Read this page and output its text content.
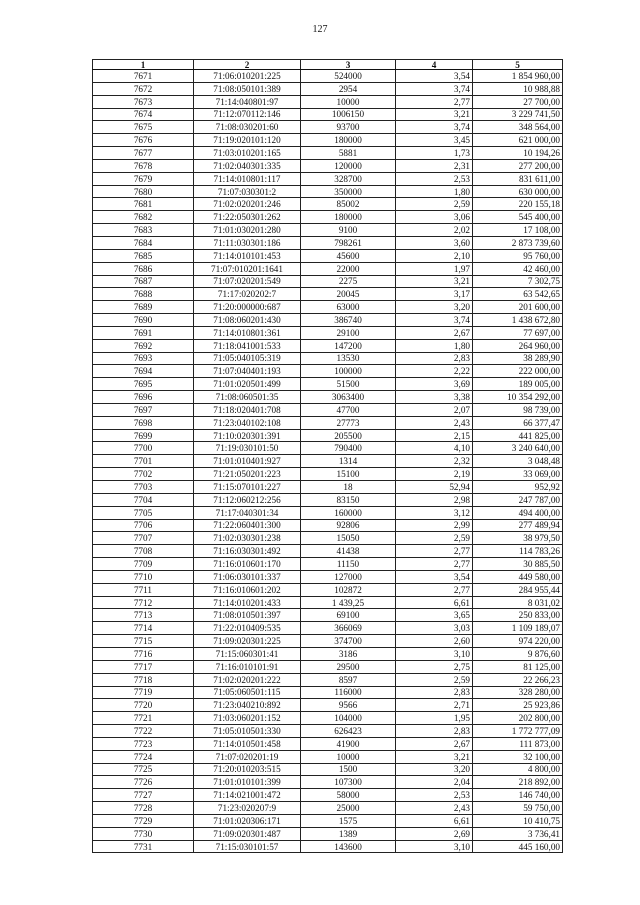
127
1	2	3	4	5
7671	71:06:010201:225	524000	3,54	1 854 960,00
7672	71:08:050101:389	2954	3,74	10 988,88
7673	71:14:040801:97	10000	2,77	27 700,00
7674	71:12:070112:146	1006150	3,21	3 229 741,50
7675	71:08:030201:60	93700	3,74	348 564,00
7676	71:19:020101:120	180000	3,45	621 000,00
7677	71:03:010201:165	5881	1,73	10 194,26
7678	71:02:040301:335	120000	2,31	277 200,00
7679	71:14:010801:117	328700	2,53	831 611,00
7680	71:07:030301:2	350000	1,80	630 000,00
7681	71:02:020201:246	85002	2,59	220 155,18
7682	71:22:050301:262	180000	3,06	545 400,00
7683	71:01:030201:280	9100	2,02	17 108,00
7684	71:11:030301:186	798261	3,60	2 873 739,60
7685	71:14:010101:453	45600	2,10	95 760,00
7686	71:07:010201:1641	22000	1,97	42 460,00
7687	71:07:020201:549	2275	3,21	7 302,75
7688	71:17:020202:7	20045	3,17	63 542,65
7689	71:20:000000:687	63000	3,20	201 600,00
7690	71:08:060201:430	386740	3,74	1 438 672,80
7691	71:14:010801:361	29100	2,67	77 697,00
7692	71:18:041001:533	147200	1,80	264 960,00
7693	71:05:040105:319	13530	2,83	38 289,90
7694	71:07:040401:193	100000	2,22	222 000,00
7695	71:01:020501:499	51500	3,69	189 005,00
7696	71:08:060501:35	3063400	3,38	10 354 292,00
7697	71:18:020401:708	47700	2,07	98 739,00
7698	71:23:040102:108	27773	2,43	66 377,47
7699	71:10:020301:391	205500	2,15	441 825,00
7700	71:19:030101:50	790400	4,10	3 240 640,00
7701	71:01:010401:927	1314	2,32	3 048,48
7702	71:21:050201:223	15100	2,19	33 069,00
7703	71:15:070101:227	18	52,94	952,92
7704	71:12:060212:256	83150	2,98	247 787,00
7705	71:17:040301:34	160000	3,12	494 400,00
7706	71:22:060401:300	92806	2,99	277 489,94
7707	71:02:030301:238	15050	2,59	38 979,50
7708	71:16:030301:492	41438	2,77	114 783,26
7709	71:16:010601:170	11150	2,77	30 885,50
7710	71:06:030101:337	127000	3,54	449 580,00
7711	71:16:010601:202	102872	2,77	284 955,44
7712	71:14:010201:433	1 439,25	6,61	8 031,02
7713	71:08:010501:397	69100	3,65	250 833,00
7714	71:22:010409:535	366069	3,03	1 109 189,07
7715	71:09:020301:225	374700	2,60	974 220,00
7716	71:15:060301:41	3186	3,10	9 876,60
7717	71:16:010101:91	29500	2,75	81 125,00
7718	71:02:020201:222	8597	2,59	22 266,23
7719	71:05:060501:115	116000	2,83	328 280,00
7720	71:23:040210:892	9566	2,71	25 923,86
7721	71:03:060201:152	104000	1,95	202 800,00
7722	71:05:010501:330	626423	2,83	1 772 777,09
7723	71:14:010501:458	41900	2,67	111 873,00
7724	71:07:020201:19	10000	3,21	32 100,00
7725	71:20:010203:515	1500	3,20	4 800,00
7726	71:01:010101:399	107300	2,04	218 892,00
7727	71:14:021001:472	58000	2,53	146 740,00
7728	71:23:020207:9	25000	2,43	59 750,00
7729	71:01:020306:171	1575	6,61	10 410,75
7730	71:09:020301:487	1389	2,69	3 736,41
7731	71:15:030101:57	143600	3,10	445 160,00
